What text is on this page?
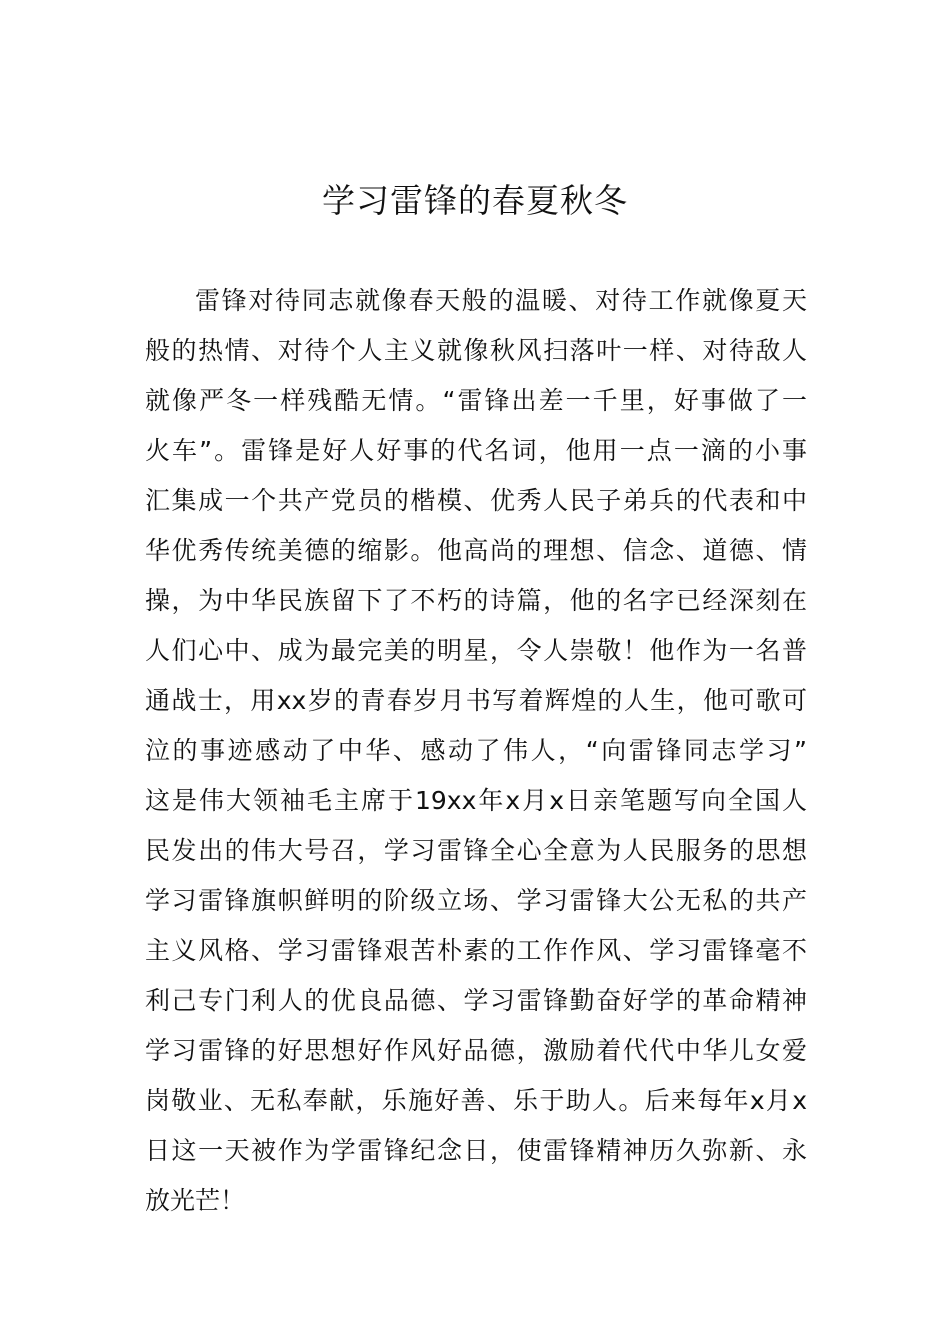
学习雷锋的春夏秋冬
雷锋对待同志就像春天般的温暖、对待工作就像夏天
般的热情、对待个人主义就像秋风扫落叶一样、对待敌人
就像严冬一样残酷无情。“雷锋出差一千里，好事做了一
火车”。雷锋是好人好事的代名词，他用一点一滴的小事
汇集成一个共产党员的楷模、优秀人民子弟兵的代表和中
华优秀传统美德的缩影。他高尚的理想、信念、道德、情
操，为中华民族留下了不朽的诗篇，他的名字已经深刻在
人们心中、成为最完美的明星，令人崇敬！他作为一名普
通战士，用xx岁的青春岁月书写着辉煌的人生，他可歌可
泣的事迹感动了中华、感动了伟人，“向雷锋同志学习”
这是伟大领袖毛主席于19xx年x月x日亲笔题写向全国人
民发出的伟大号召，学习雷锋全心全意为人民服务的思想
学习雷锋旗帜鲜明的阶级立场、学习雷锋大公无私的共产
主义风格、学习雷锋艰苦朴素的工作作风、学习雷锋毫不
利己专门利人的优良品德、学习雷锋勤奋好学的革命精神
学习雷锋的好思想好作风好品德，激励着代代中华儿女爱
岗敬业、无私奉献，乐施好善、乐于助人。后来每年x月x
日这一天被作为学雷锋纪念日，使雷锋精神历久弥新、永
放光芒！
